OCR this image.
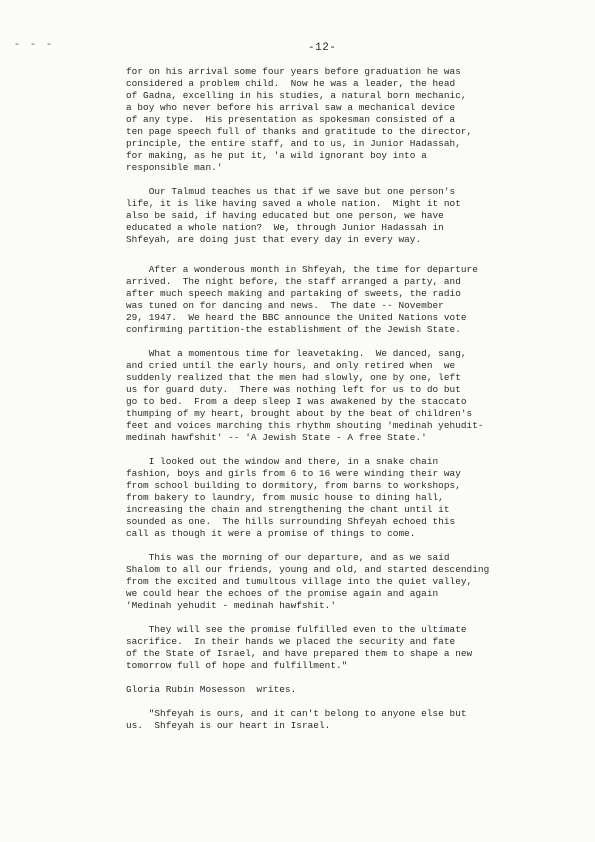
- - -	-12-
for on his arrival some four years before graduation he was
considered a problem child.  Now he was a leader, the head
of Gadna, excelling in his studies, a natural born mechanic,
a boy who never before his arrival saw a mechanical device
of any type.  His presentation as spokesman consisted of a
ten page speech full of thanks and gratitude to the director,
principle, the entire staff, and to us, in Junior Hadassah,
for making, as he put it, 'a wild ignorant boy into a
responsible man.'
Our Talmud teaches us that if we save but one person's
life, it is like having saved a whole nation.  Might it not
also be said, if having educated but one person, we have
educated a whole nation?  We, through Junior Hadassah in
Shfeyah, are doing just that every day in every way.
After a wonderous month in Shfeyah, the time for departure
arrived.  The night before, the staff arranged a party, and
after much speech making and partaking of sweets, the radio
was tuned on for dancing and news.  The date -- November
29, 1947.  We heard the BBC announce the United Nations vote
confirming partition-the establishment of the Jewish State.
What a momentous time for leavetaking.  We danced, sang,
and cried until the early hours, and only retired when  we
suddenly realized that the men had slowly, one by one, left
us for guard duty.  There was nothing left for us to do but
go to bed.  From a deep sleep I was awakened by the staccato
thumping of my heart, brought about by the beat of children's
feet and voices marching this rhythm shouting 'medinah yehudit-
medinah hawfshit' -- 'A Jewish State - A free State.'
I looked out the window and there, in a snake chain
fashion, boys and girls from 6 to 16 were winding their way
from school building to dormitory, from barns to workshops,
from bakery to laundry, from music house to dining hall,
increasing the chain and strengthening the chant until it
sounded as one.  The hills surrounding Shfeyah echoed this
call as though it were a promise of things to come.
This was the morning of our departure, and as we said
Shalom to all our friends, young and old, and started descending
from the excited and tumultous village into the quiet valley,
we could hear the echoes of the promise again and again
'Medinah yehudit - medinah hawfshit.'
They will see the promise fulfilled even to the ultimate
sacrifice.  In their hands we placed the security and fate
of the State of Israel, and have prepared them to shape a new
tomorrow full of hope and fulfillment."
Gloria Rubin Mosesson  writes.
"Shfeyah is ours, and it can't belong to anyone else but
us.  Shfeyah is our heart in Israel.
